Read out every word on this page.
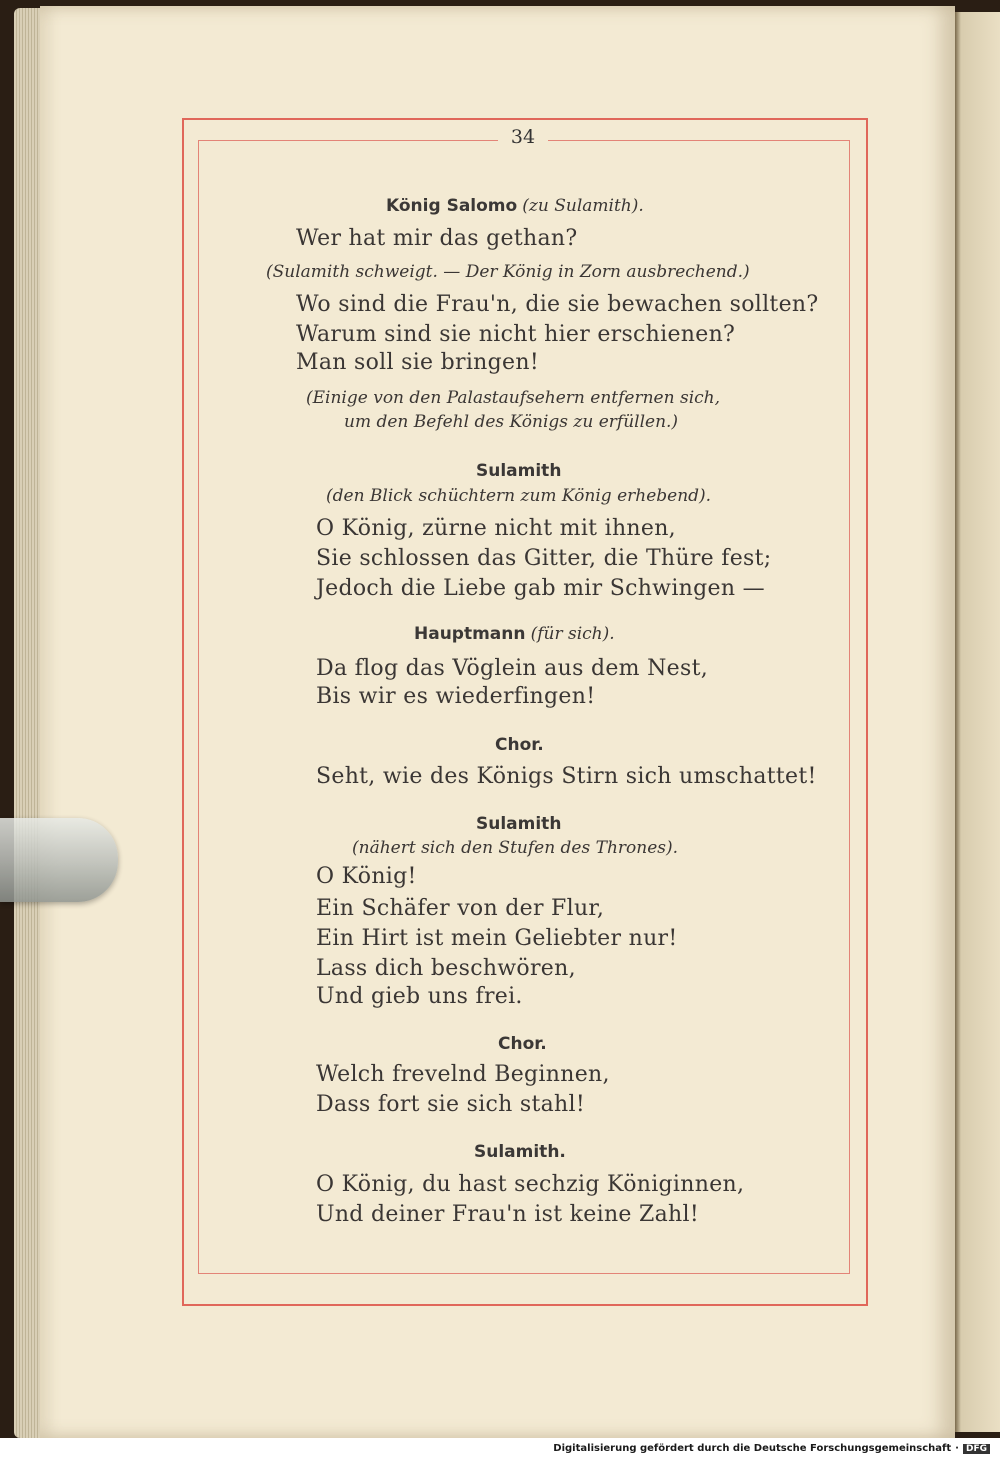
34
König Salomo (zu Sulamith).
Wer hat mir das gethan?
(Sulamith schweigt. — Der König in Zorn ausbrechend.)
Wo sind die Frau'n, die sie bewachen sollten?
Warum sind sie nicht hier erschienen?
Man soll sie bringen!
(Einige von den Palastaufsehern entfernen sich,
um den Befehl des Königs zu erfüllen.)
Sulamith
(den Blick schüchtern zum König erhebend).
O König, zürne nicht mit ihnen,
Sie schlossen das Gitter, die Thüre fest;
Jedoch die Liebe gab mir Schwingen —
Hauptmann (für sich).
Da flog das Vöglein aus dem Nest,
Bis wir es wiederfingen!
Chor.
Seht, wie des Königs Stirn sich umschattet!
Sulamith
(nähert sich den Stufen des Thrones).
O König!
Ein Schäfer von der Flur,
Ein Hirt ist mein Geliebter nur!
Lass dich beschwören,
Und gieb uns frei.
Chor.
Welch frevelnd Beginnen,
Dass fort sie sich stahl!
Sulamith.
O König, du hast sechzig Königinnen,
Und deiner Frau'n ist keine Zahl!
Digitalisierung gefördert durch die Deutsche Forschungsgemeinschaft · DFG
